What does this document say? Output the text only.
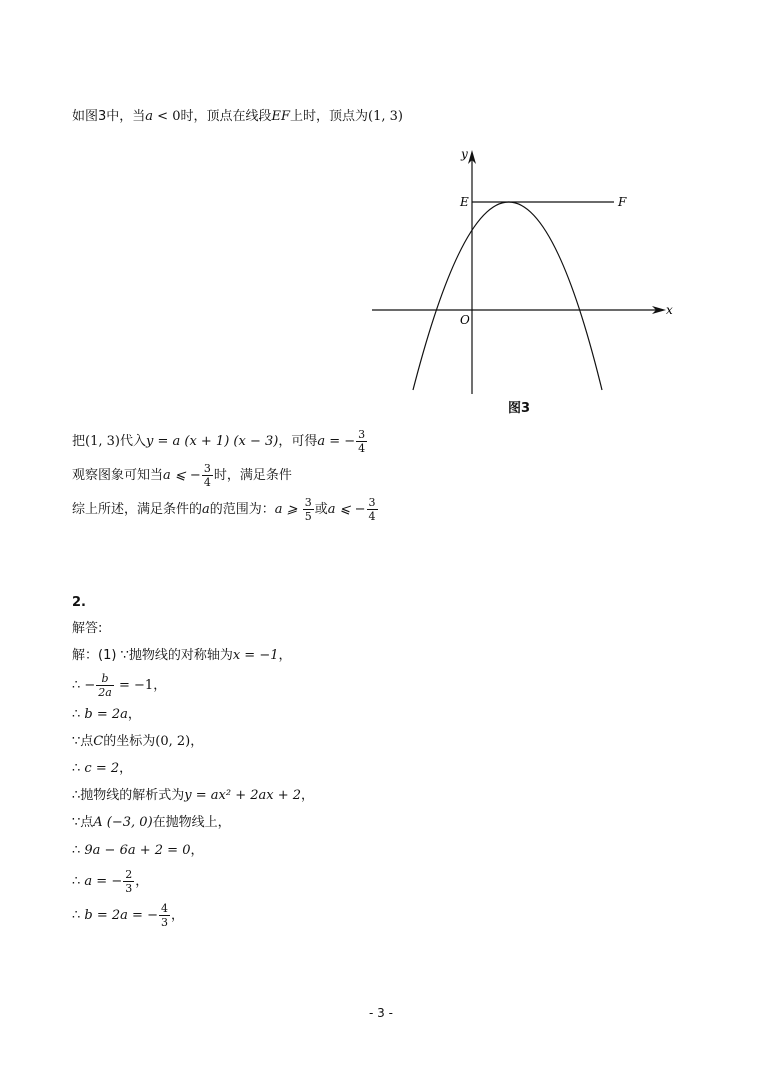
如图3中，当a < 0时，顶点在线段EF上时，顶点为(1, 3)
y
x
E	F
O
图3
把(1, 3)代入y = a (x + 1) (x − 3)，可得a = − $\frac{3}{4}$
观察图象可知当a ⩽ − $\frac{3}{4}$ 时，满足条件
综上所述，满足条件的a的范围为：a ⩾ $\frac{3}{5}$ 或a ⩽ − $\frac{3}{4}$
2.
解答:
解：(1) ∵抛物线的对称轴为x = −1，
∴ − $\frac{b}{2a} = -1$，
∴ b = 2a，
∵点C的坐标为(0, 2)，
∴ c = 2，
∴抛物线的解析式为y = ax² + 2ax + 2，
∵点A (−3, 0)在抛物线上，
∴ 9a − 6a + 2 = 0，
∴ a = − $\frac{2}{3}$ ，
∴ b = 2a = − $\frac{4}{3}$ ，
- 3 -
